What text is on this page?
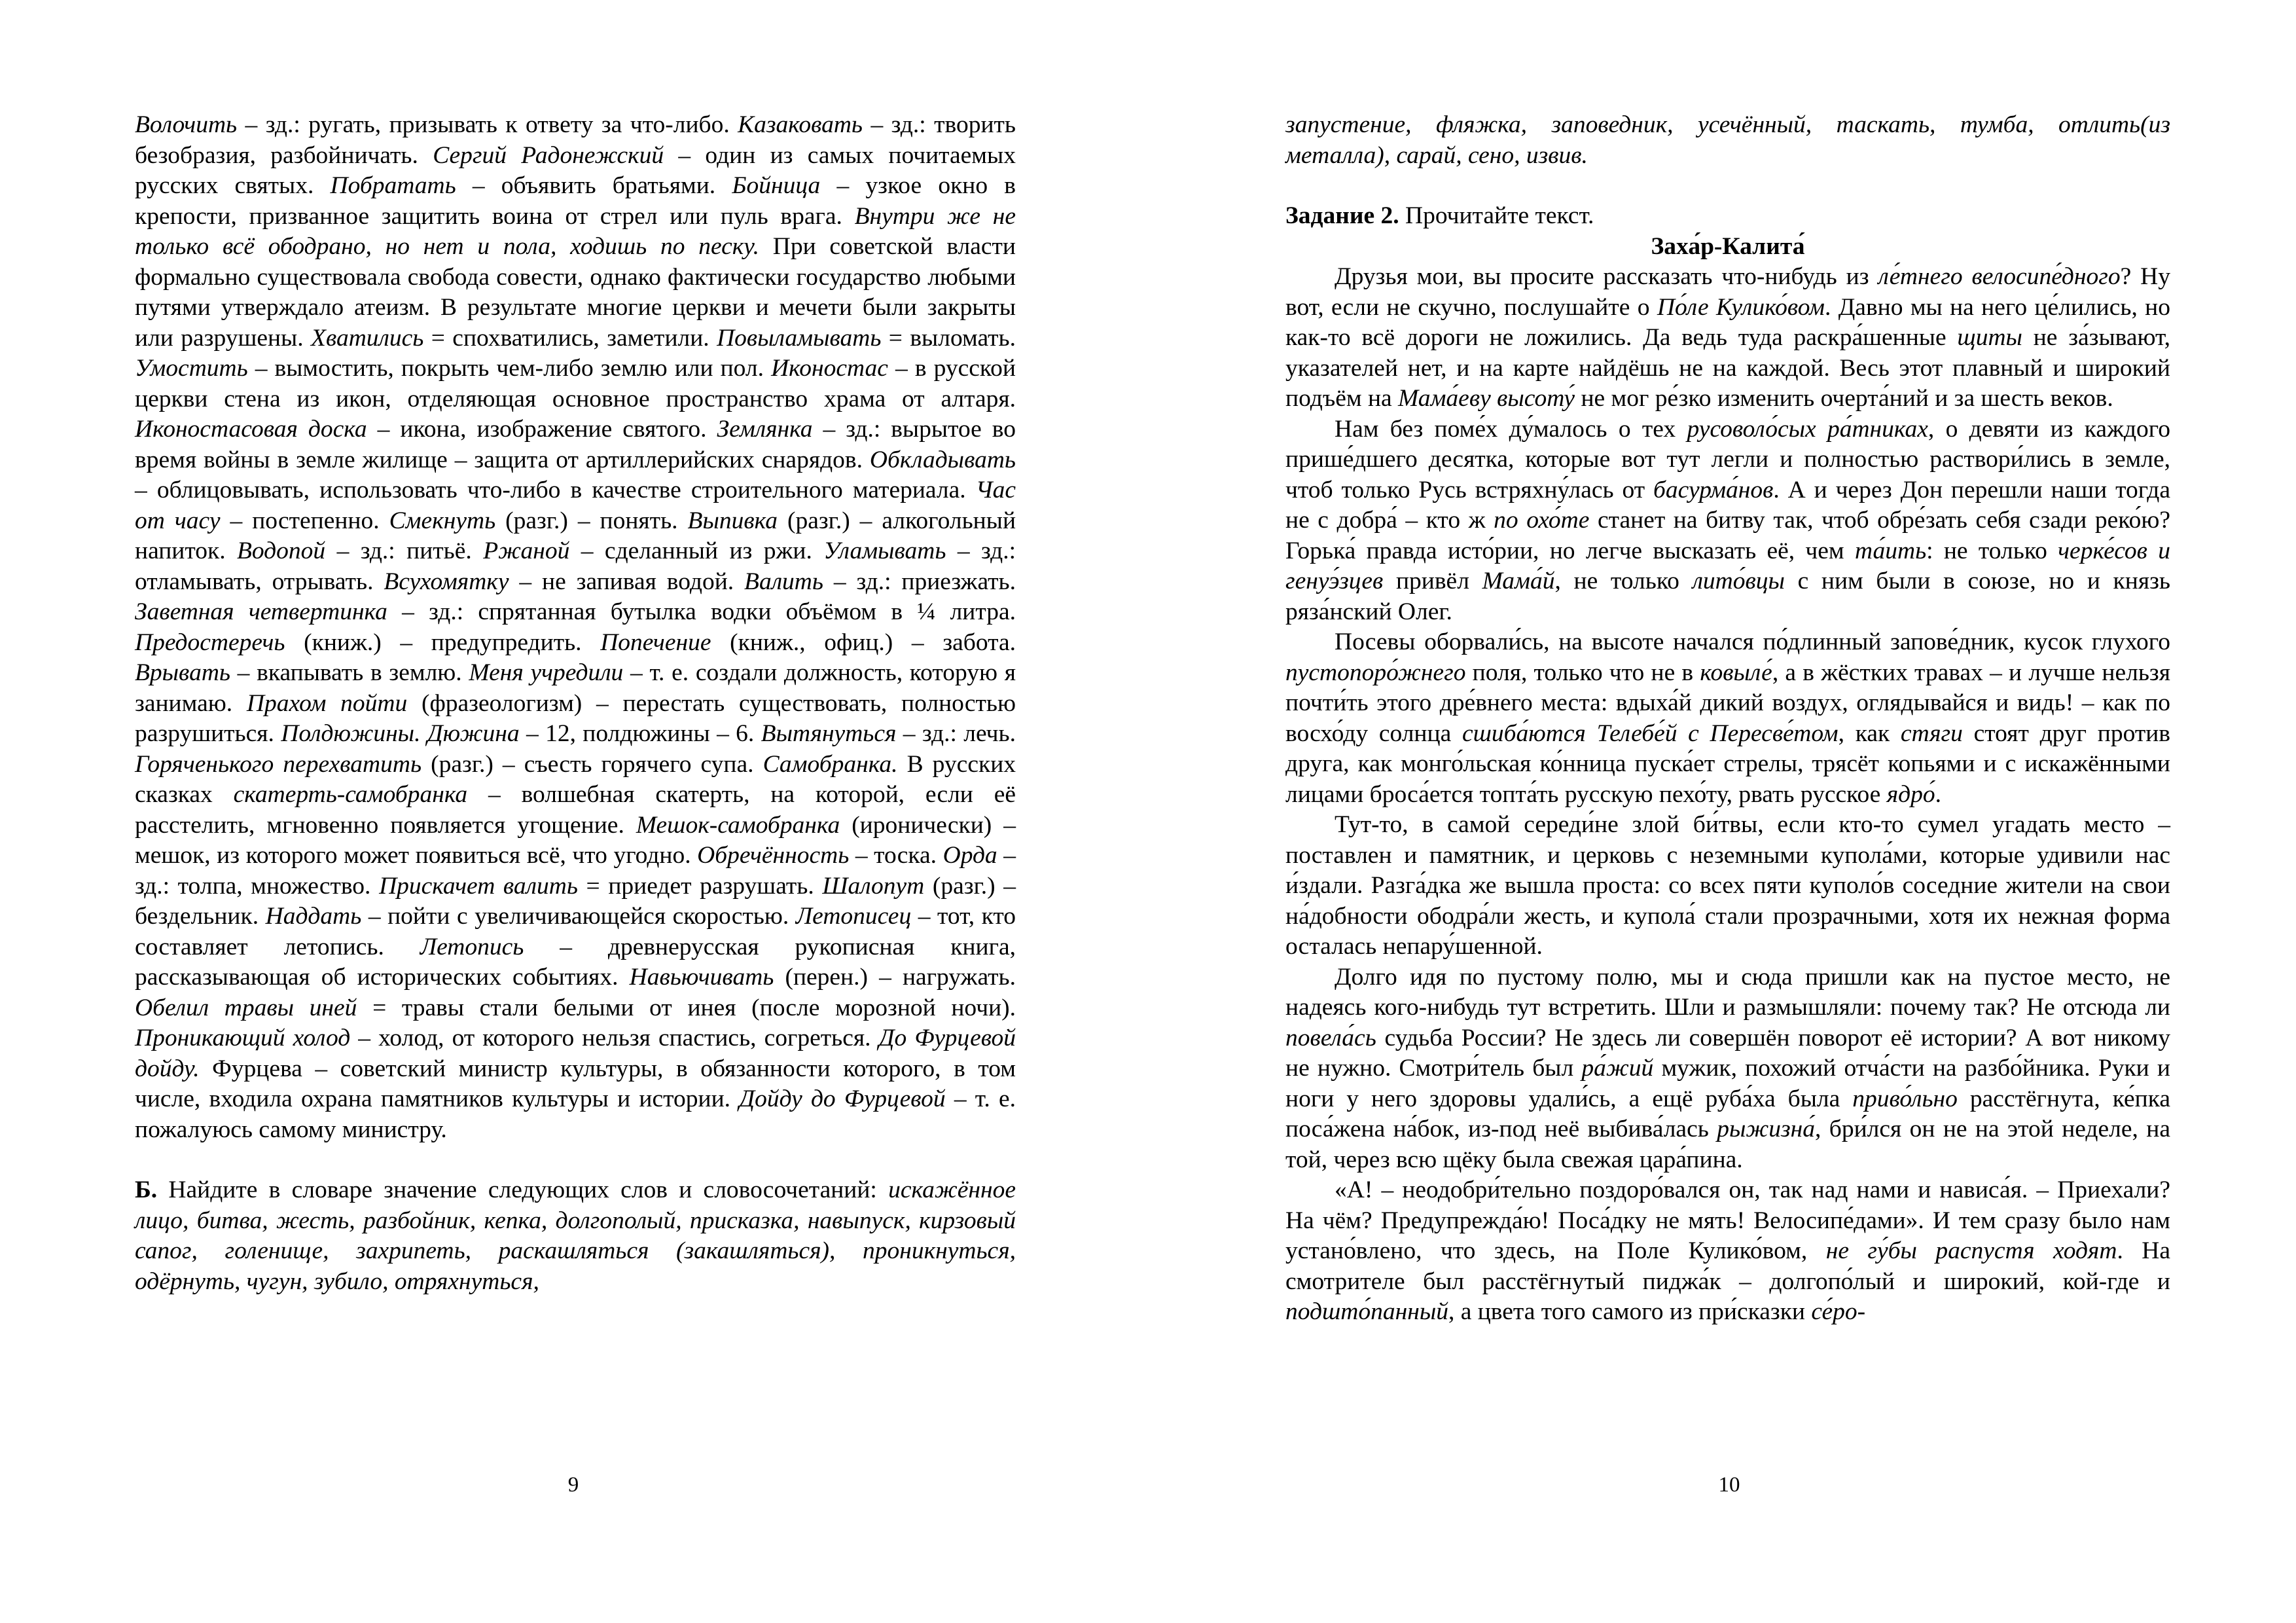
Волочить – зд.: ругать, призывать к ответу за что-либо. Казаковать – зд.: творить безобразия, разбойничать. Сергий Радонежский – один из самых почитаемых русских святых. Побратать – объявить братьями. Бойница – узкое окно в крепости, призванное защитить воина от стрел или пуль врага. Внутри же не только всё ободрано, но нет и пола, ходишь по песку. При советской власти формально существовала свобода совести, однако фактически государство любыми путями утверждало атеизм. В результате многие церкви и мечети были закрыты или разрушены. Хватились = спохватились, заметили. Повыламывать = выломать. Умостить – вымостить, покрыть чем-либо землю или пол. Иконостас – в русской церкви стена из икон, отделяющая основное пространство храма от алтаря. Иконостасовая доска – икона, изображение святого. Землянка – зд.: вырытое во время войны в земле жилище – защита от артиллерийских снарядов. Обкладывать – облицовывать, использовать что-либо в качестве строительного материала. Час от часу – постепенно. Смекнуть (разг.) – понять. Выпивка (разг.) – алкогольный напиток. Водопой – зд.: питьё. Ржаной – сделанный из ржи. Уламывать – зд.: отламывать, отрывать. Всухомятку – не запивая водой. Валить – зд.: приезжать. Заветная четвертинка – зд.: спрятанная бутылка водки объёмом в ¼ литра. Предостеречь (книж.) – предупредить. Попечение (книж., офиц.) – забота. Врывать – вкапывать в землю. Меня учредили – т. е. создали должность, которую я занимаю. Прахом пойти (фразеологизм) – перестать существовать, полностью разрушиться. Полдюжины. Дюжина – 12, полдюжины – 6. Вытянуться – зд.: лечь. Горяченького перехватить (разг.) – съесть горячего супа. Самобранка. В русских сказках скатерть-самобранка – волшебная скатерть, на которой, если её расстелить, мгновенно появляется угощение. Мешок-самобранка (иронически) – мешок, из которого может появиться всё, что угодно. Обречённость – тоска. Орда – зд.: толпа, множество. Прискачет валить = приедет разрушать. Шалопут (разг.) – бездельник. Наддать – пойти с увеличивающейся скоростью. Летописец – тот, кто составляет летопись. Летопись – древнерусская рукописная книга, рассказывающая об исторических событиях. Навьючивать (перен.) – нагружать. Обелил травы иней = травы стали белыми от инея (после морозной ночи). Проникающий холод – холод, от которого нельзя спастись, согреться. До Фурцевой дойду. Фурцева – советский министр культуры, в обязанности которого, в том числе, входила охрана памятников культуры и истории. Дойду до Фурцевой – т. е. пожалуюсь самому министру.

Б. Найдите в словаре значение следующих слов и словосочетаний: искажённое лицо, битва, жесть, разбойник, кепка, долгополый, присказка, навыпуск, кирзовый сапог, голенище, захрипеть, раскашляться (закашляться), проникнуться, одёрнуть, чугун, зубило, отряхнуться,

9

запустение, фляжка, заповедник, усечённый, таскать, тумба, отлить(из металла), сарай, сено, извив.

Задание 2. Прочитайте текст.

Заха́р-Калита́

Друзья мои, вы просите рассказать что-нибудь из ле́тнего велосипе́дного? Ну вот, если не скучно, послушайте о По́ле Кулико́вом. Давно мы на него це́лились, но как-то всё дороги не ложились. Да ведь туда раскра́шенные щиты не за́зывают, указателей нет, и на карте найдёшь не на каждой. Весь этот плавный и широкий подъём на Мама́еву высоту́ не мог ре́зко изменить очерта́ний и за шесть веков.

Нам без поме́х ду́малось о тех русоволо́сых ра́тниках, о девяти из каждого прише́дшего десятка, которые вот тут легли и полностью раствори́лись в земле, чтоб только Русь встряхну́лась от басурма́нов. А и через Дон перешли наши тогда не с добра́ – кто ж по охо́те станет на битву так, чтоб обре́зать себя сзади реко́ю? Горька́ правда исто́рии, но легче высказать её, чем та́ить: не только черке́сов и генуэ́зцев привёл Мама́й, не только лито́вцы с ним были в союзе, но и князь ряза́нский Олег.

Посевы оборвали́сь, на высоте начался по́длинный запове́дник, кусок глухого пустопоро́жнего поля, только что не в ковыле́, а в жёстких травах – и лучше нельзя почти́ть этого дре́внего места: вдыха́й дикий воздух, оглядывайся и видь! – как по восхо́ду солнца сшиба́ются Телебе́й с Пересве́том, как стяги стоят друг против друга, как монго́льская ко́нница пуска́ет стрелы, трясёт копьями и с искажёнными лицами броса́ется топта́ть русскую пехо́ту, рвать русское ядро́.

Тут-то, в самой середи́не злой би́твы, если кто-то сумел угадать место – поставлен и памятник, и церковь с неземными купола́ми, которые удивили нас и́здали. Разга́дка же вышла проста: со всех пяти куполо́в соседние жители на свои на́добности ободра́ли жесть, и купола́ стали прозрачными, хотя их нежная форма осталась непару́шенной.

Долго идя по пустому полю, мы и сюда пришли как на пустое место, не надеясь кого-нибудь тут встретить. Шли и размышляли: почему так? Не отсюда ли повела́сь судьба России? Не здесь ли совершён поворот её истории? А вот никому не нужно. Смотри́тель был ра́жий мужик, похожий отча́сти на разбо́йника. Руки и ноги у него здоровы удали́сь, а ещё руба́ха была приво́льно расстёгнута, ке́пка поса́жена на́бок, из-под неё выбива́лась рыжизна́, бри́лся он не на этой неделе, на той, через всю щёку была свежая цара́пина.

«А! – неодобри́тельно поздоро́вался он, так над нами и нависа́я. – Приехали? На чём? Предупрежда́ю! Поса́дку не мять! Велосипе́дами». И тем сразу было нам устано́влено, что здесь, на Поле Кулико́вом, не гу́бы распустя ходят. На смотрителе был расстёгнутый пиджа́к – долгопо́лый и широкий, кой-где и подшто́панный, а цвета того самого из при́сказки се́ро-

10
